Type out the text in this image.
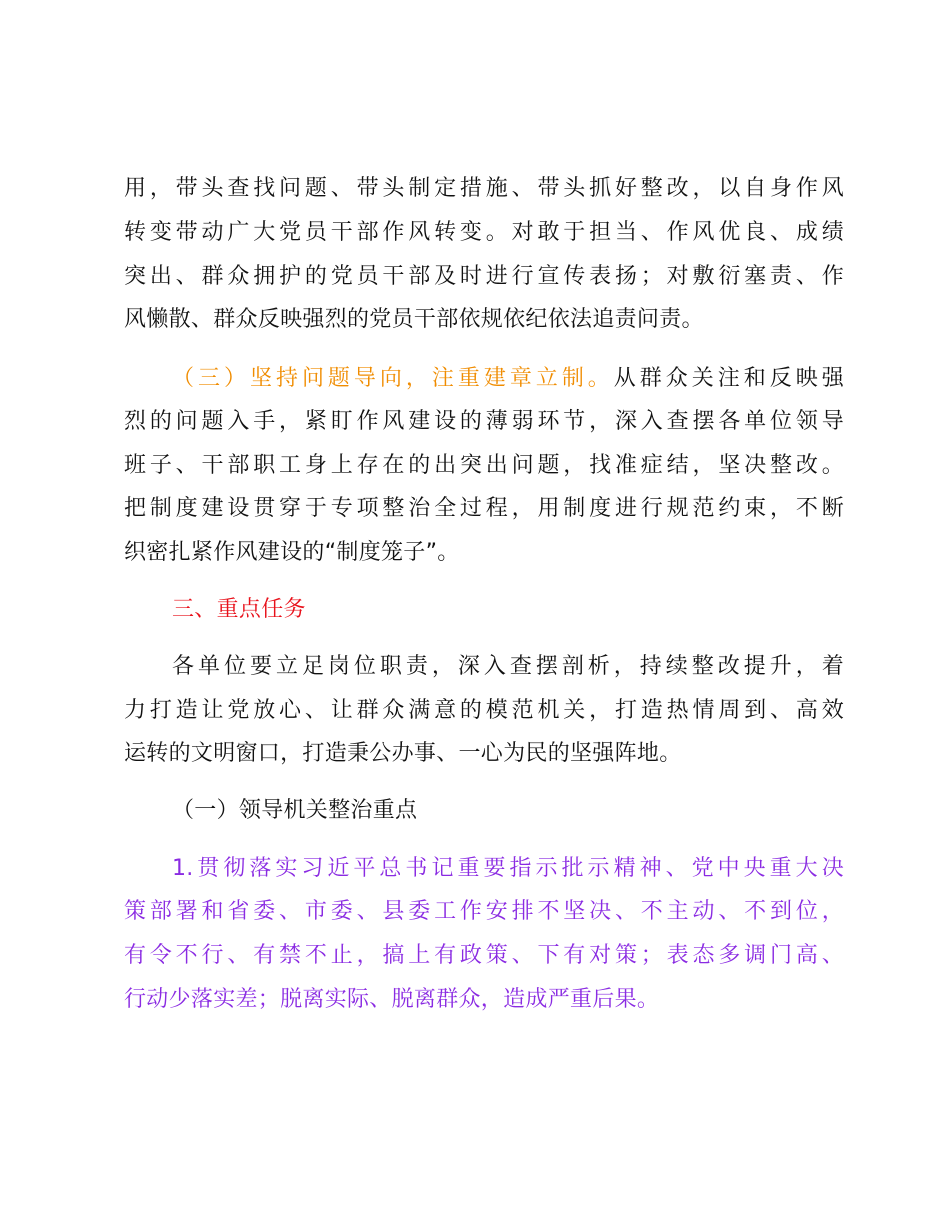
用，带头查找问题、带头制定措施、带头抓好整改，以自身作风
转变带动广大党员干部作风转变。对敢于担当、作风优良、成绩
突出、群众拥护的党员干部及时进行宣传表扬；对敷衍塞责、作
风懒散、群众反映强烈的党员干部依规依纪依法追责问责。
（三）坚持问题导向，注重建章立制。从群众关注和反映强
烈的问题入手，紧盯作风建设的薄弱环节，深入查摆各单位领导
班子、干部职工身上存在的出突出问题，找准症结，坚决整改。
把制度建设贯穿于专项整治全过程，用制度进行规范约束，不断
织密扎紧作风建设的“制度笼子”。
三、重点任务
各单位要立足岗位职责，深入查摆剖析，持续整改提升，着
力打造让党放心、让群众满意的模范机关，打造热情周到、高效
运转的文明窗口，打造秉公办事、一心为民的坚强阵地。
（一）领导机关整治重点
1.贯彻落实习近平总书记重要指示批示精神、党中央重大决
策部署和省委、市委、县委工作安排不坚决、不主动、不到位，
有令不行、有禁不止，搞上有政策、下有对策；表态多调门高、
行动少落实差；脱离实际、脱离群众，造成严重后果。
